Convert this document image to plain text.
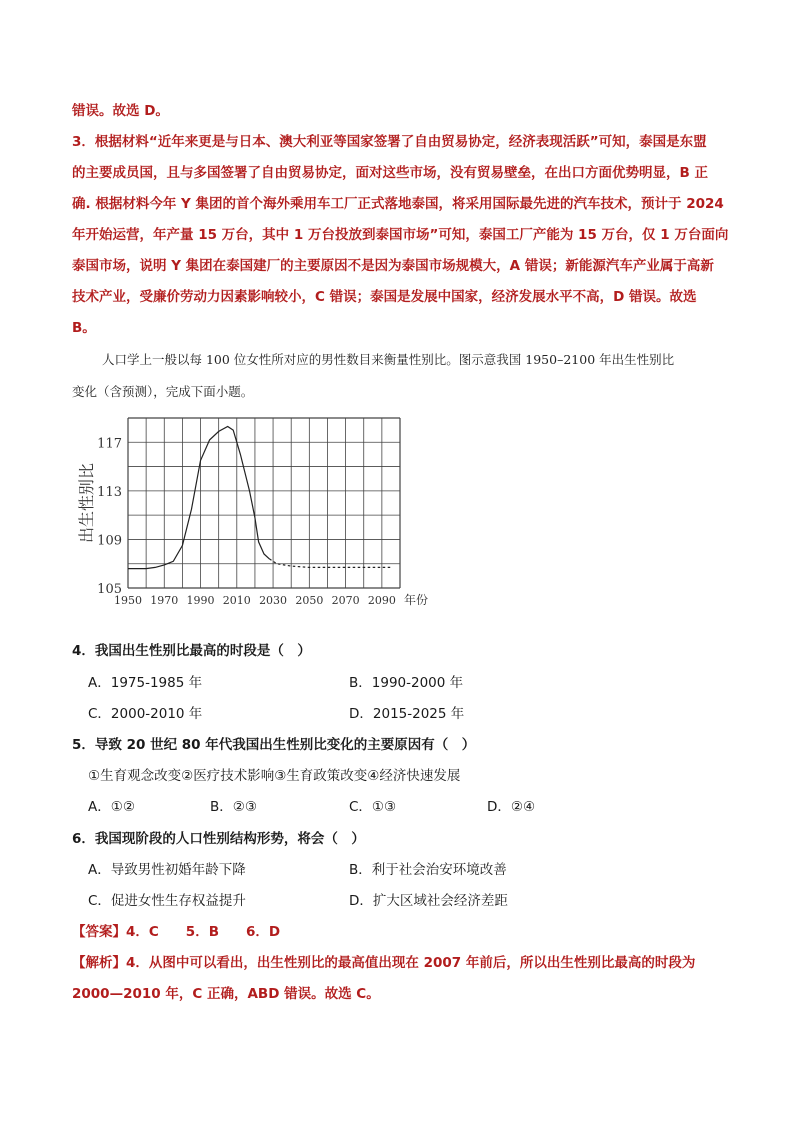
错误。故选 D。
3．根据材料“近年来更是与日本、澳大利亚等国家签署了自由贸易协定，经济表现活跃”可知，泰国是东盟
的主要成员国，且与多国签署了自由贸易协定，面对这些市场，没有贸易壁垒，在出口方面优势明显，B 正
确. 根据材料今年 Y 集团的首个海外乘用车工厂正式落地泰国，将采用国际最先进的汽车技术，预计于 2024
年开始运营，年产量 15 万台，其中 1 万台投放到泰国市场”可知，泰国工厂产能为 15 万台，仅 1 万台面向
泰国市场，说明 Y 集团在泰国建厂的主要原因不是因为泰国市场规模大，A 错误；新能源汽车产业属于高新
技术产业，受廉价劳动力因素影响较小，C 错误；泰国是发展中国家，经济发展水平不高，D 错误。故选
B。
人口学上一般以每 100 位女性所对应的男性数目来衡量性别比。图示意我国 1950–2100 年出生性别比
变化（含预测），完成下面小题。
105
109
113
117
1950 1970 1990 2010 2030 2050 2070 2090 年份
出生性别比
4．我国出生性别比最高的时段是（　）
A．1975-1985 年	B．1990-2000 年
C．2000-2010 年	D．2015-2025 年
5．导致 20 世纪 80 年代我国出生性别比变化的主要原因有（　）
①生育观念改变②医疗技术影响③生育政策改变④经济快速发展
A．①②	B．②③	C．①③	D．②④
6．我国现阶段的人口性别结构形势，将会（　）
A．导致男性初婚年龄下降	B．利于社会治安环境改善
C．促进女性生存权益提升	D．扩大区域社会经济差距
【答案】4．C　　5．B　　6．D
【解析】4．从图中可以看出，出生性别比的最高值出现在 2007 年前后，所以出生性别比最高的时段为
2000—2010 年，C 正确，ABD 错误。故选 C。
